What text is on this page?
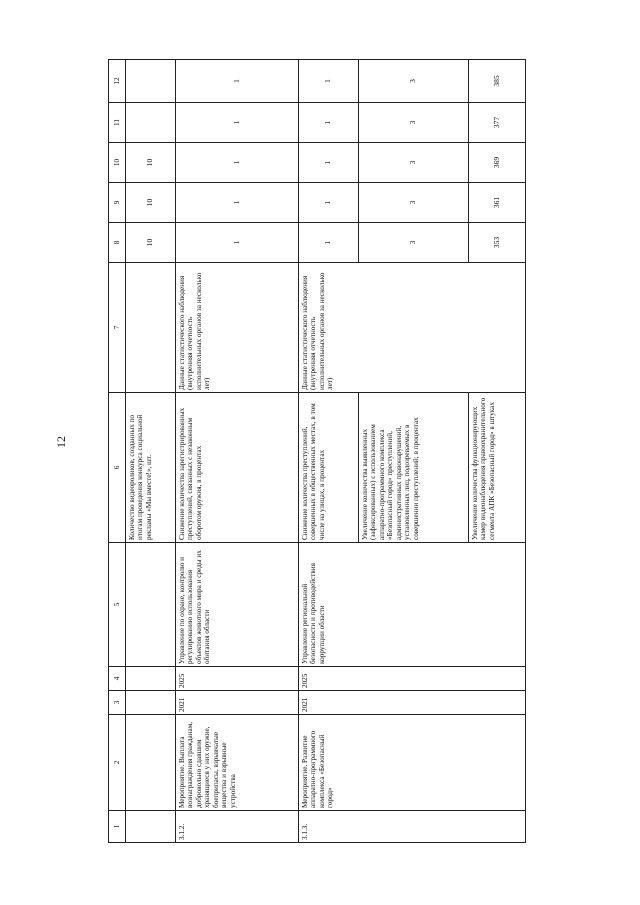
12
1	2	3	4	5	6	7	8	9	10	11	12
					Количество видеороликов, созданных по итогам проведения конкурса социальной рекламы «Мы вместе!», шт.		10	10	10		
3.1.2.	Мероприятие. Выплата вознаграждения гражданам, добровольно сдавшим хранящиеся у них оружие, боеприпасы, взрывчатые вещества и взрывные устройства	2021	2025	Управление по охране, контролю и регулированию использования объектов животного мира и среды их обитания области	Снижение количества зарегистрированных преступлений, связанных с незаконным оборотом оружия, в процентах	Данные статистического наблюдения (внутренняя отчетность исполнительных органов за несколько лет)	1	1	1	1	1
3.1.3.	Мероприятие. Развитие аппаратно-программного комплекса «Безопасный город»	2021	2025	Управление региональной безопасности и противодействия коррупции области	Снижение количества преступлений, совершенных в общественных местах, в том числе на улицах, в процентах	Данные статистического наблюдения (внутренняя отчетность исполнительных органов за несколько лет)	1	1	1	1	1
					Увеличение количества выявленных (зафиксированных) с использованием аппаратно-программного комплекса «Безопасный город» преступлений, административных правонарушений, установленных лиц, подозреваемых в совершении преступлений; в процентах		3	3	3	3	3
					Увеличение количества функционирующих камер видеонаблюдения правоохранительного сегмента АПК «Безопасный город» в штуках		353	361	369	377	385
